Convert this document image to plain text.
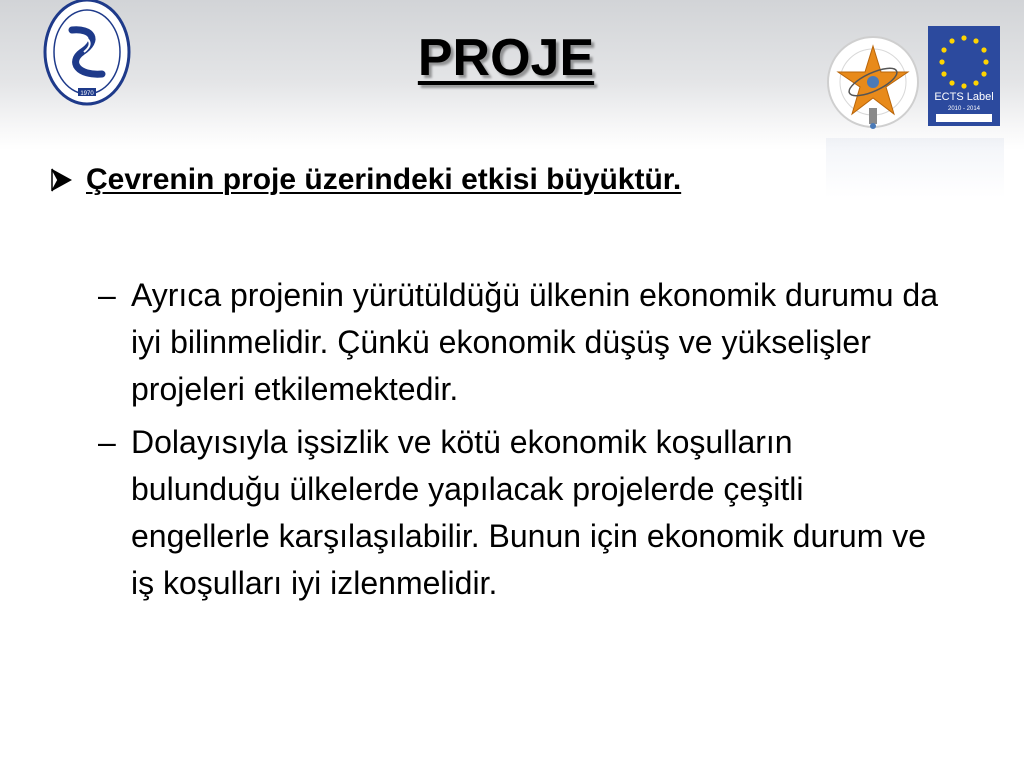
1970
PROJE
ECTS Label
2010 - 2014
Çevrenin proje üzerindeki etkisi büyüktür.
– Ayrıca projenin yürütüldüğü ülkenin ekonomik durumu da iyi bilinmelidir. Çünkü ekonomik düşüş ve yükselişler projeleri etkilemektedir.
– Dolayısıyla işsizlik ve kötü ekonomik koşulların bulunduğu ülkelerde yapılacak projelerde çeşitli engellerle karşılaşılabilir. Bunun için ekonomik durum ve iş koşulları iyi izlenmelidir.
